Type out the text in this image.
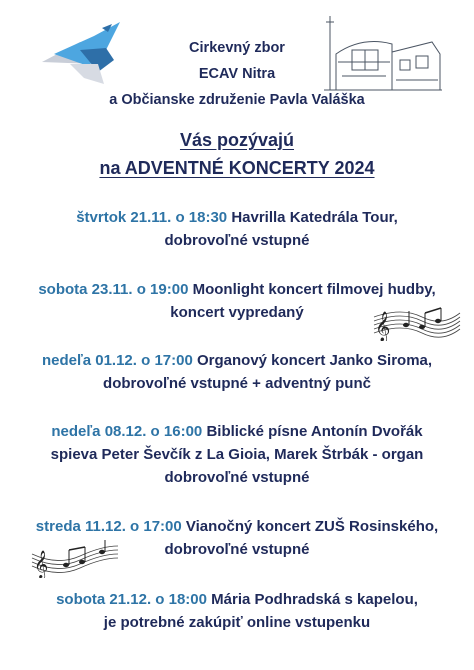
Cirkevný zbor
ECAV Nitra
a Občianske združenie Pavla Valáška
Vás pozývajú
na ADVENTNÉ KONCERTY 2024
štvrtok 21.11. o 18:30 Havrilla Katedrála Tour,
dobrovoľné vstupné
sobota 23.11. o 19:00 Moonlight koncert filmovej hudby,
koncert vypredaný	𝄞
nedeľa 01.12. o 17:00 Organový koncert Janko Siroma,
dobrovoľné vstupné + adventný punč
nedeľa 08.12. o 16:00 Biblické písne Antonín Dvořák
spieva Peter Ševčík z La Gioia, Marek Štrbák - organ
dobrovoľné vstupné
streda 11.12. o 17:00 Vianočný koncert ZUŠ Rosinského,
dobrovoľné vstupné
𝄞
sobota 21.12. o 18:00 Mária Podhradská s kapelou,
je potrebné zakúpiť online vstupenku
